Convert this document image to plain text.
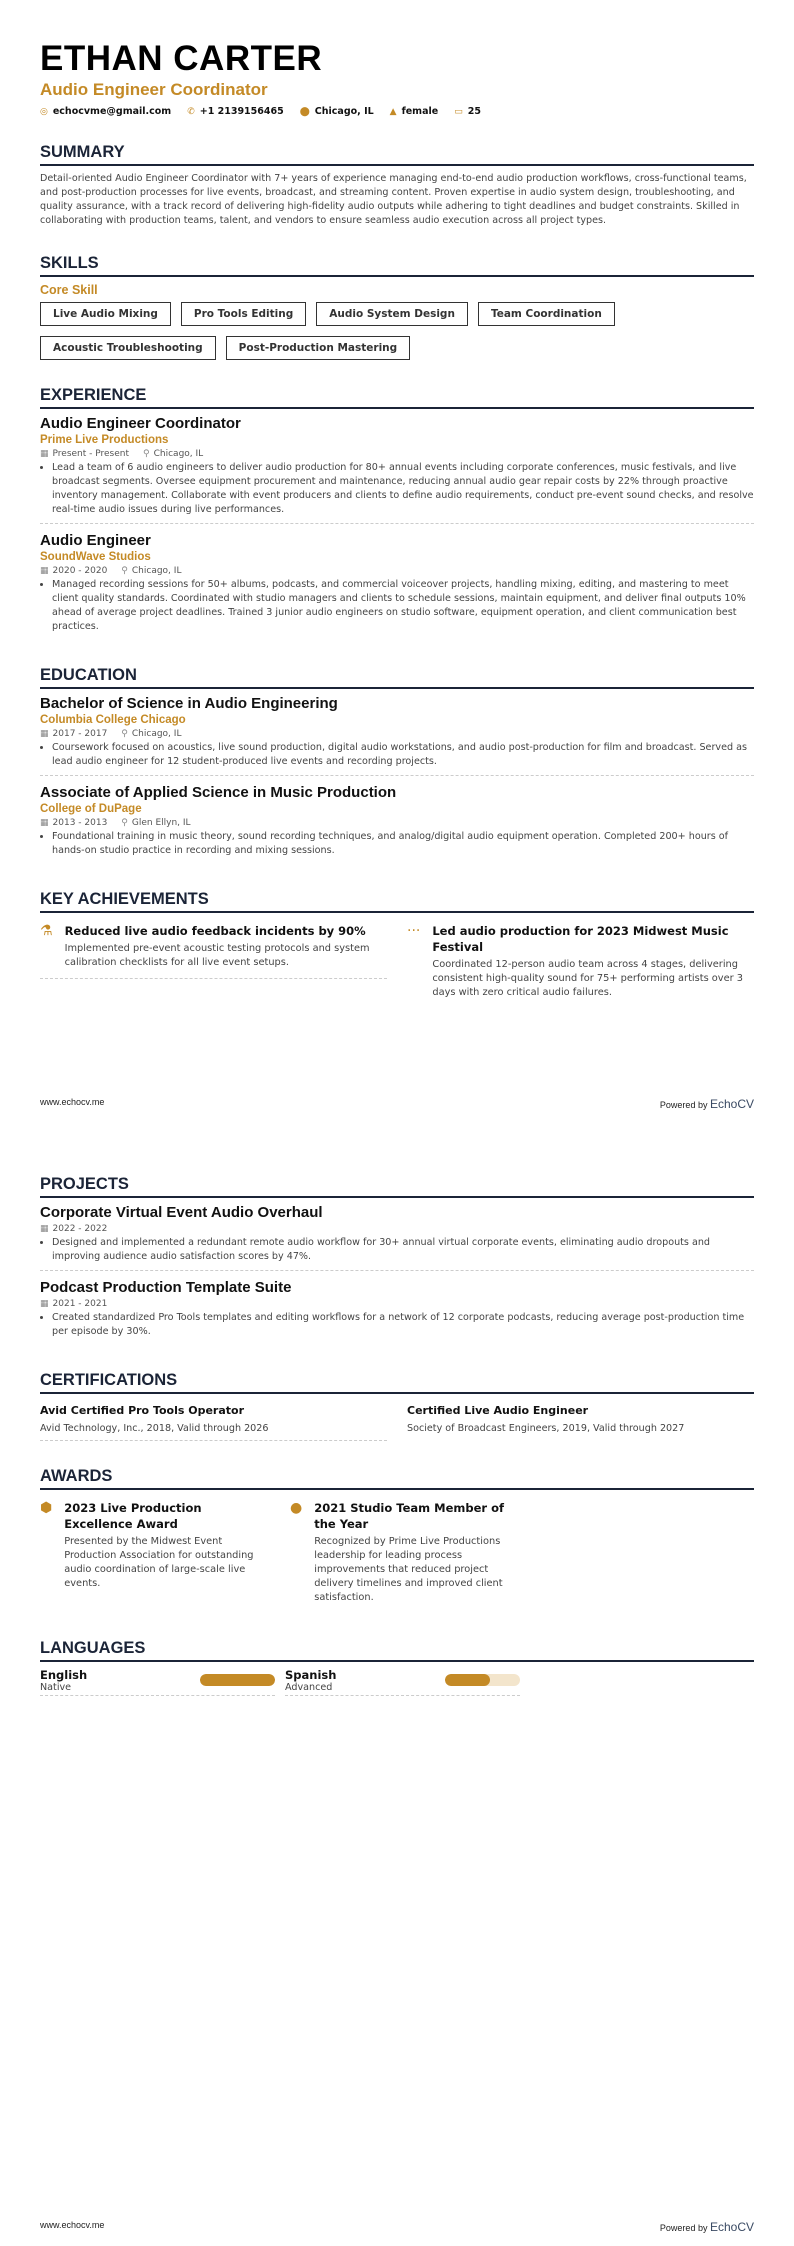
ETHAN CARTER
Audio Engineer Coordinator
◎ echocvme@gmail.com ✆ +1 2139156465 ⬤ Chicago, IL ▲ female ▭ 25
SUMMARY

Detail-oriented Audio Engineer Coordinator with 7+ years of experience managing end-to-end audio production workflows, cross-functional teams, and post-production processes for live events, broadcast, and streaming content. Proven expertise in audio system design, troubleshooting, and quality assurance, with a track record of delivering high-fidelity audio outputs while adhering to tight deadlines and budget constraints. Skilled in collaborating with production teams, talent, and vendors to ensure seamless audio execution across all project types.

SKILLS
Core Skill
Live Audio Mixing	Pro Tools Editing	Audio System Design	Team Coordination
Acoustic Troubleshooting	Post-Production Mastering
EXPERIENCE
Audio Engineer Coordinator
Prime Live Productions
▦ Present - Present ⚲ Chicago, IL
• Lead a team of 6 audio engineers to deliver audio production for 80+ annual events including corporate conferences, music festivals, and live broadcast segments. Oversee equipment procurement and maintenance, reducing annual audio gear repair costs by 22% through proactive inventory management. Collaborate with event producers and clients to define audio requirements, conduct pre-event sound checks, and resolve real-time audio issues during live performances.
Audio Engineer
SoundWave Studios
▦ 2020 - 2020 ⚲ Chicago, IL
• Managed recording sessions for 50+ albums, podcasts, and commercial voiceover projects, handling mixing, editing, and mastering to meet client quality standards. Coordinated with studio managers and clients to schedule sessions, maintain equipment, and deliver final outputs 10% ahead of average project deadlines. Trained 3 junior audio engineers on studio software, equipment operation, and client communication best practices.
EDUCATION
Bachelor of Science in Audio Engineering
Columbia College Chicago
▦ 2017 - 2017 ⚲ Chicago, IL
• Coursework focused on acoustics, live sound production, digital audio workstations, and audio post-production for film and broadcast. Served as lead audio engineer for 12 student-produced live events and recording projects.
Associate of Applied Science in Music Production
College of DuPage
▦ 2013 - 2013 ⚲ Glen Ellyn, IL
• Foundational training in music theory, sound recording techniques, and analog/digital audio equipment operation. Completed 200+ hours of hands-on studio practice in recording and mixing sessions.
KEY ACHIEVEMENTS
⚗ Reduced live audio feedback incidents by 90%

Implemented pre-event acoustic testing protocols and system calibration checklists for all live event setups.

··· Led audio production for 2023 Midwest Music Festival

Coordinated 12-person audio team across 4 stages, delivering consistent high-quality sound for 75+ performing artists over 3 days with zero critical audio failures.

www.echocv.me	Powered by EchoCV
PROJECTS
Corporate Virtual Event Audio Overhaul
▦ 2022 - 2022
• Designed and implemented a redundant remote audio workflow for 30+ annual virtual corporate events, eliminating audio dropouts and improving audience audio satisfaction scores by 47%.
Podcast Production Template Suite
▦ 2021 - 2021
• Created standardized Pro Tools templates and editing workflows for a network of 12 corporate podcasts, reducing average post-production time per episode by 30%.
CERTIFICATIONS
Avid Certified Pro Tools Operator

Avid Technology, Inc., 2018, Valid through 2026

Certified Live Audio Engineer

Society of Broadcast Engineers, 2019, Valid through 2027

AWARDS
⬢ 2023 Live Production Excellence Award

Presented by the Midwest Event Production Association for outstanding audio coordination of large-scale live events.

● 2021 Studio Team Member of the Year

Recognized by Prime Live Productions leadership for leading process improvements that reduced project delivery timelines and improved client satisfaction.

LANGUAGES
English
Native
Spanish
Advanced
www.echocv.me	Powered by EchoCV
